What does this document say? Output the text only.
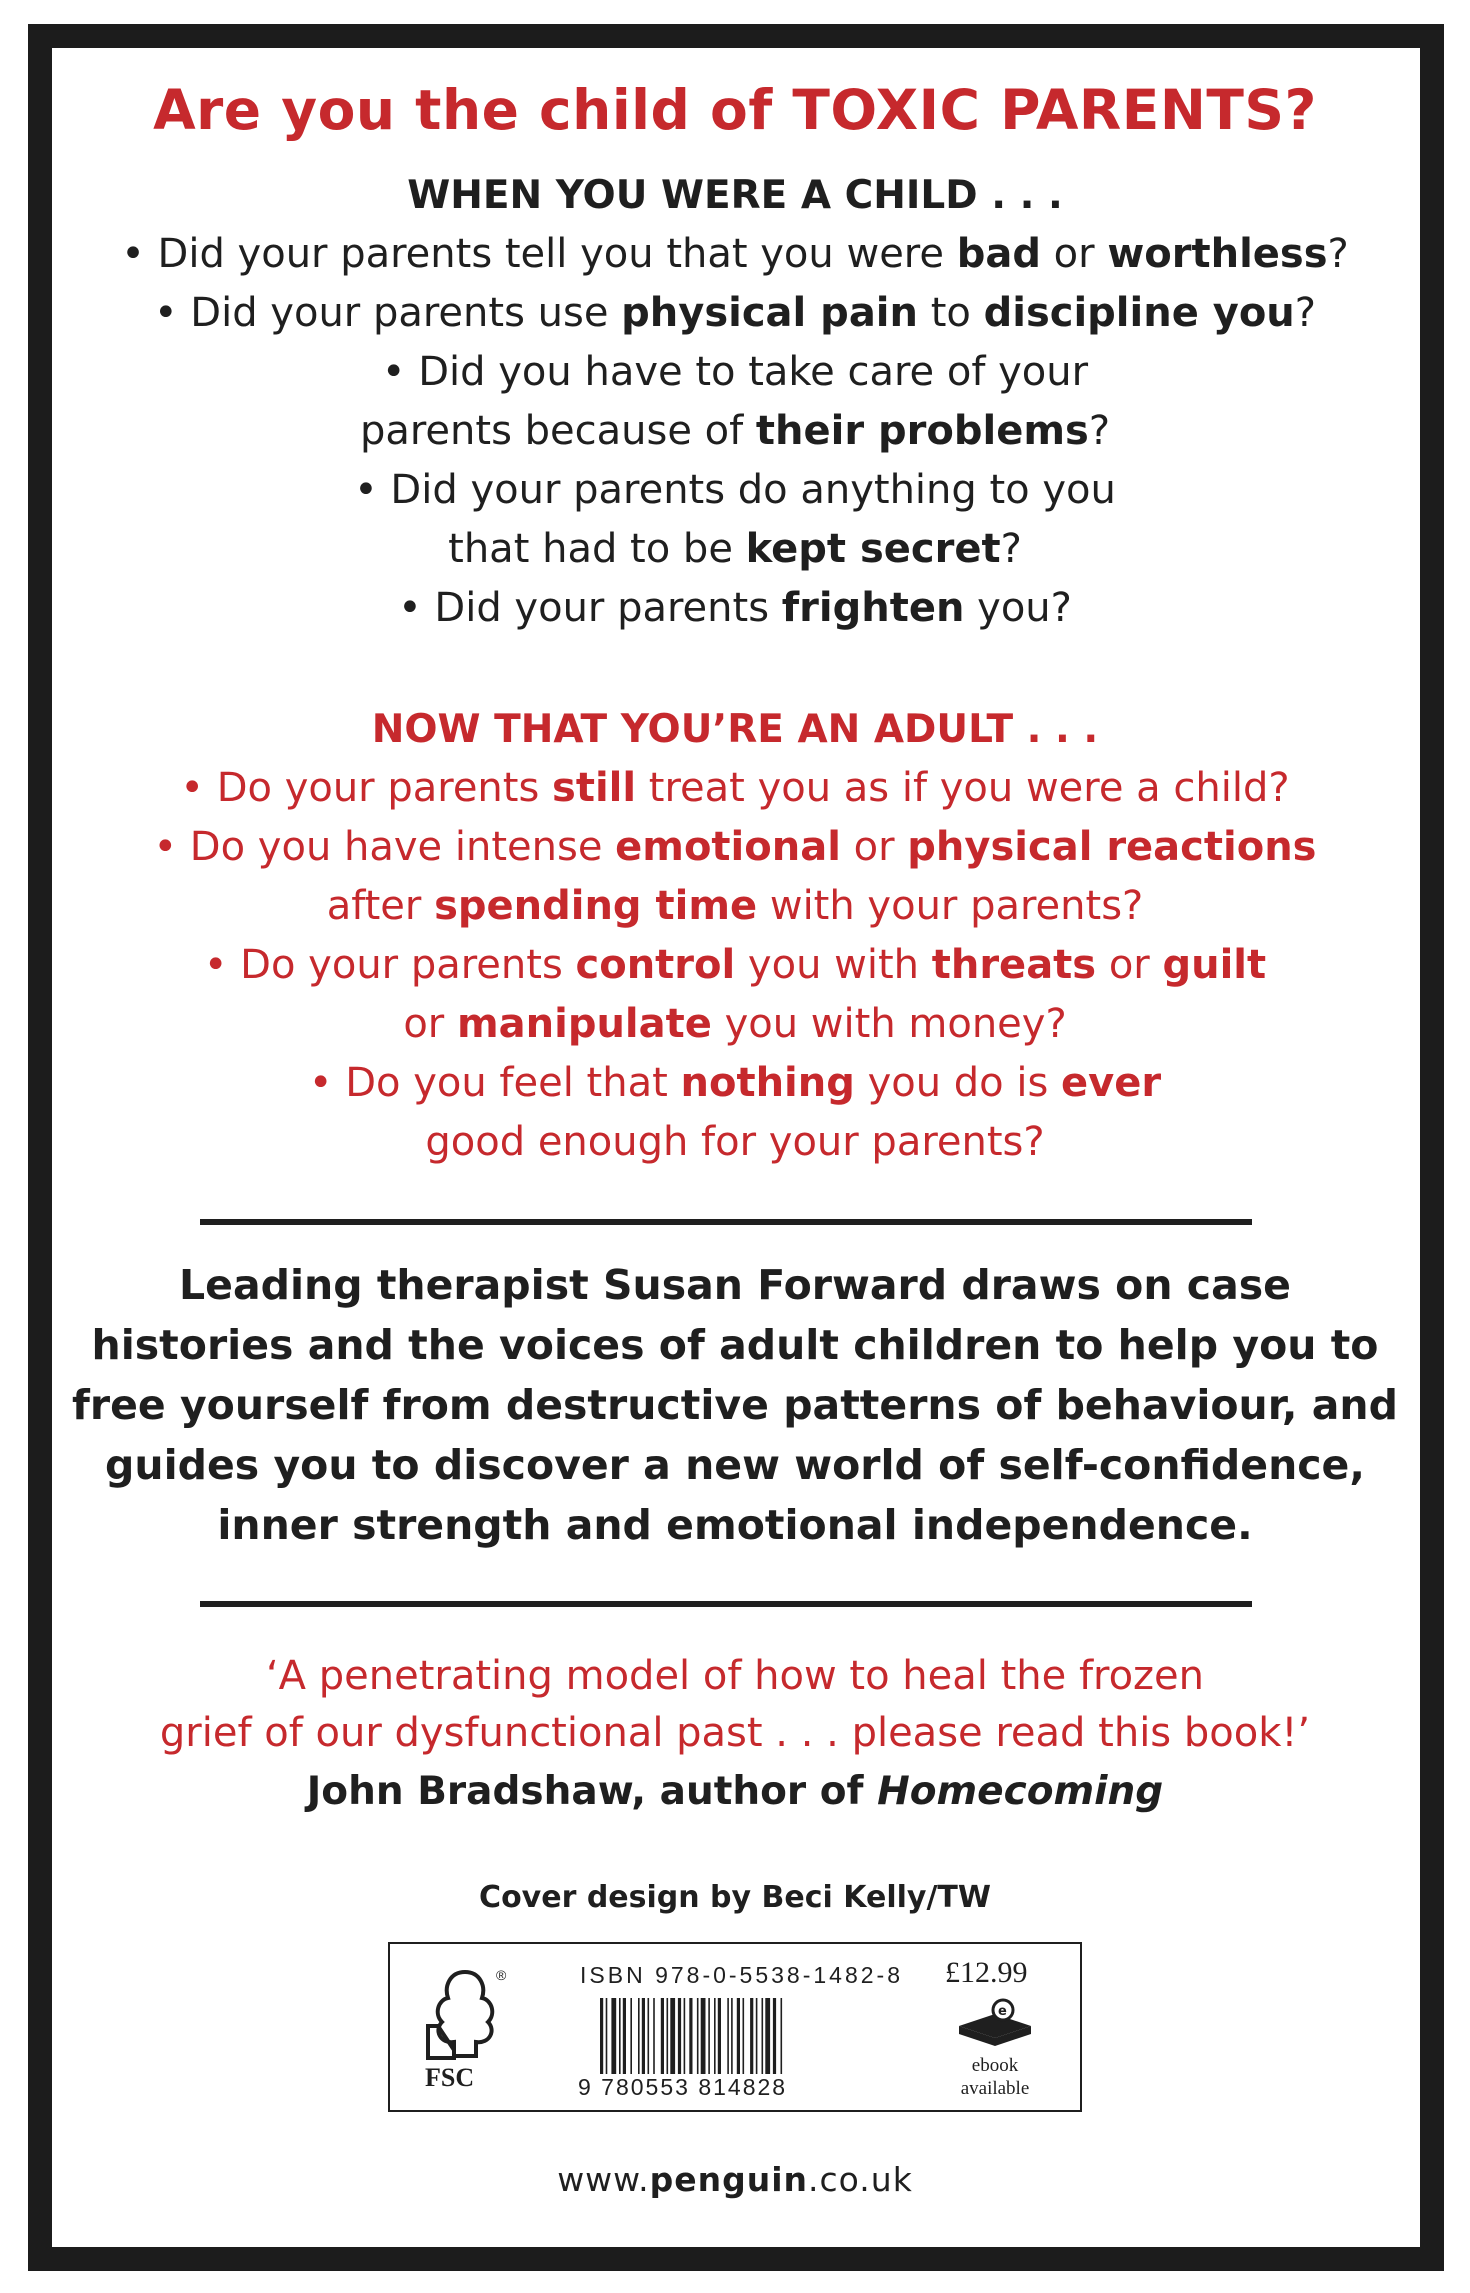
Are you the child of TOXIC PARENTS?
WHEN YOU WERE A CHILD . . .
• Did your parents tell you that you were bad or worthless?
• Did your parents use physical pain to discipline you?
• Did you have to take care of your
parents because of their problems?
• Did your parents do anything to you
that had to be kept secret?
• Did your parents frighten you?
NOW THAT YOU’RE AN ADULT . . .
• Do your parents still treat you as if you were a child?
• Do you have intense emotional or physical reactions
after spending time with your parents?
• Do your parents control you with threats or guilt
or manipulate you with money?
• Do you feel that nothing you do is ever
good enough for your parents?
Leading therapist Susan Forward draws on case
histories and the voices of adult children to help you to
free yourself from destructive patterns of behaviour, and
guides you to discover a new world of self-confidence,
inner strength and emotional independence.
‘A penetrating model of how to heal the frozen
grief of our dysfunctional past . . . please read this book!’
John Bradshaw, author of Homecoming
Cover design by Beci Kelly/TW
FSC
®	ISBN 978-0-5538-1482-8
9 780553 814828
£12.99
e
ebook
available
www.penguin.co.uk
